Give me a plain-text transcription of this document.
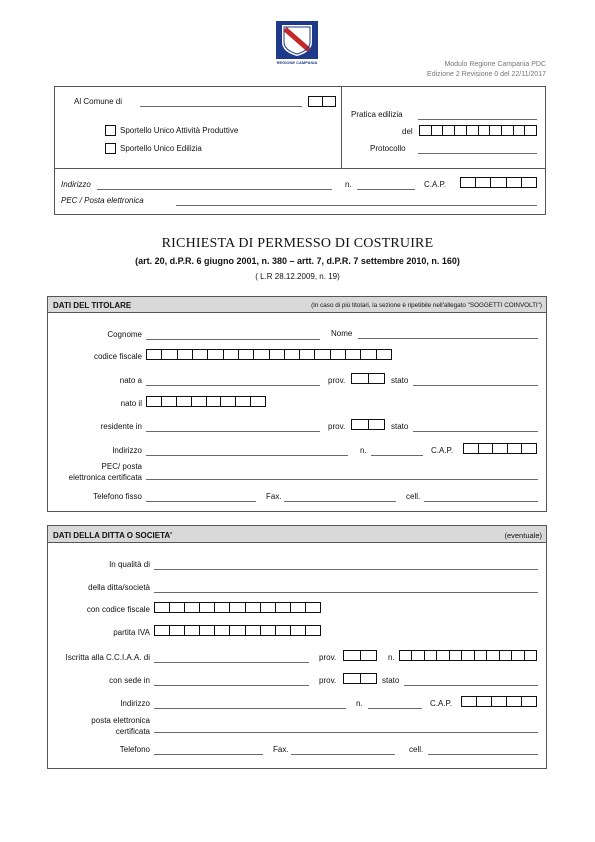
REGIONE CAMPANIA	Modulo Regione Campania PDC
Edizione 2 Revisione 0 del 22/11/2017
Al Comune di
Sportello Unico Attività Produttive
Sportello Unico Edilizia
Pratica edilizia
del
Protocollo
Indirizzo	n.	C.A.P.
PEC / Posta elettronica
RICHIESTA DI PERMESSO DI COSTRUIRE
(art. 20, d.P.R. 6 giugno 2001, n. 380 – artt. 7, d.P.R. 7 settembre 2010, n. 160)
( L.R 28.12.2009, n. 19)
DATI DEL TITOLARE	(In caso di più titolari, la sezione è ripetibile nell'allegato "SOGGETTI COINVOLTI")
Cognome	Nome
codice fiscale
nato a	prov.	stato
nato il
residente in	prov.	stato
Indirizzo	n.	C.A.P.
PEC/ posta
elettronica certificata
Telefono fisso	Fax.	cell.
DATI DELLA DITTA O SOCIETA'	(eventuale)
In qualità di
della ditta/società
con codice fiscale
partita IVA
Iscritta alla C.C.I.A.A. di	prov.	n.
con sede in	prov.	stato
Indirizzo	n.	C.A.P.
posta elettronica
certificata
Telefono	Fax.	cell.
